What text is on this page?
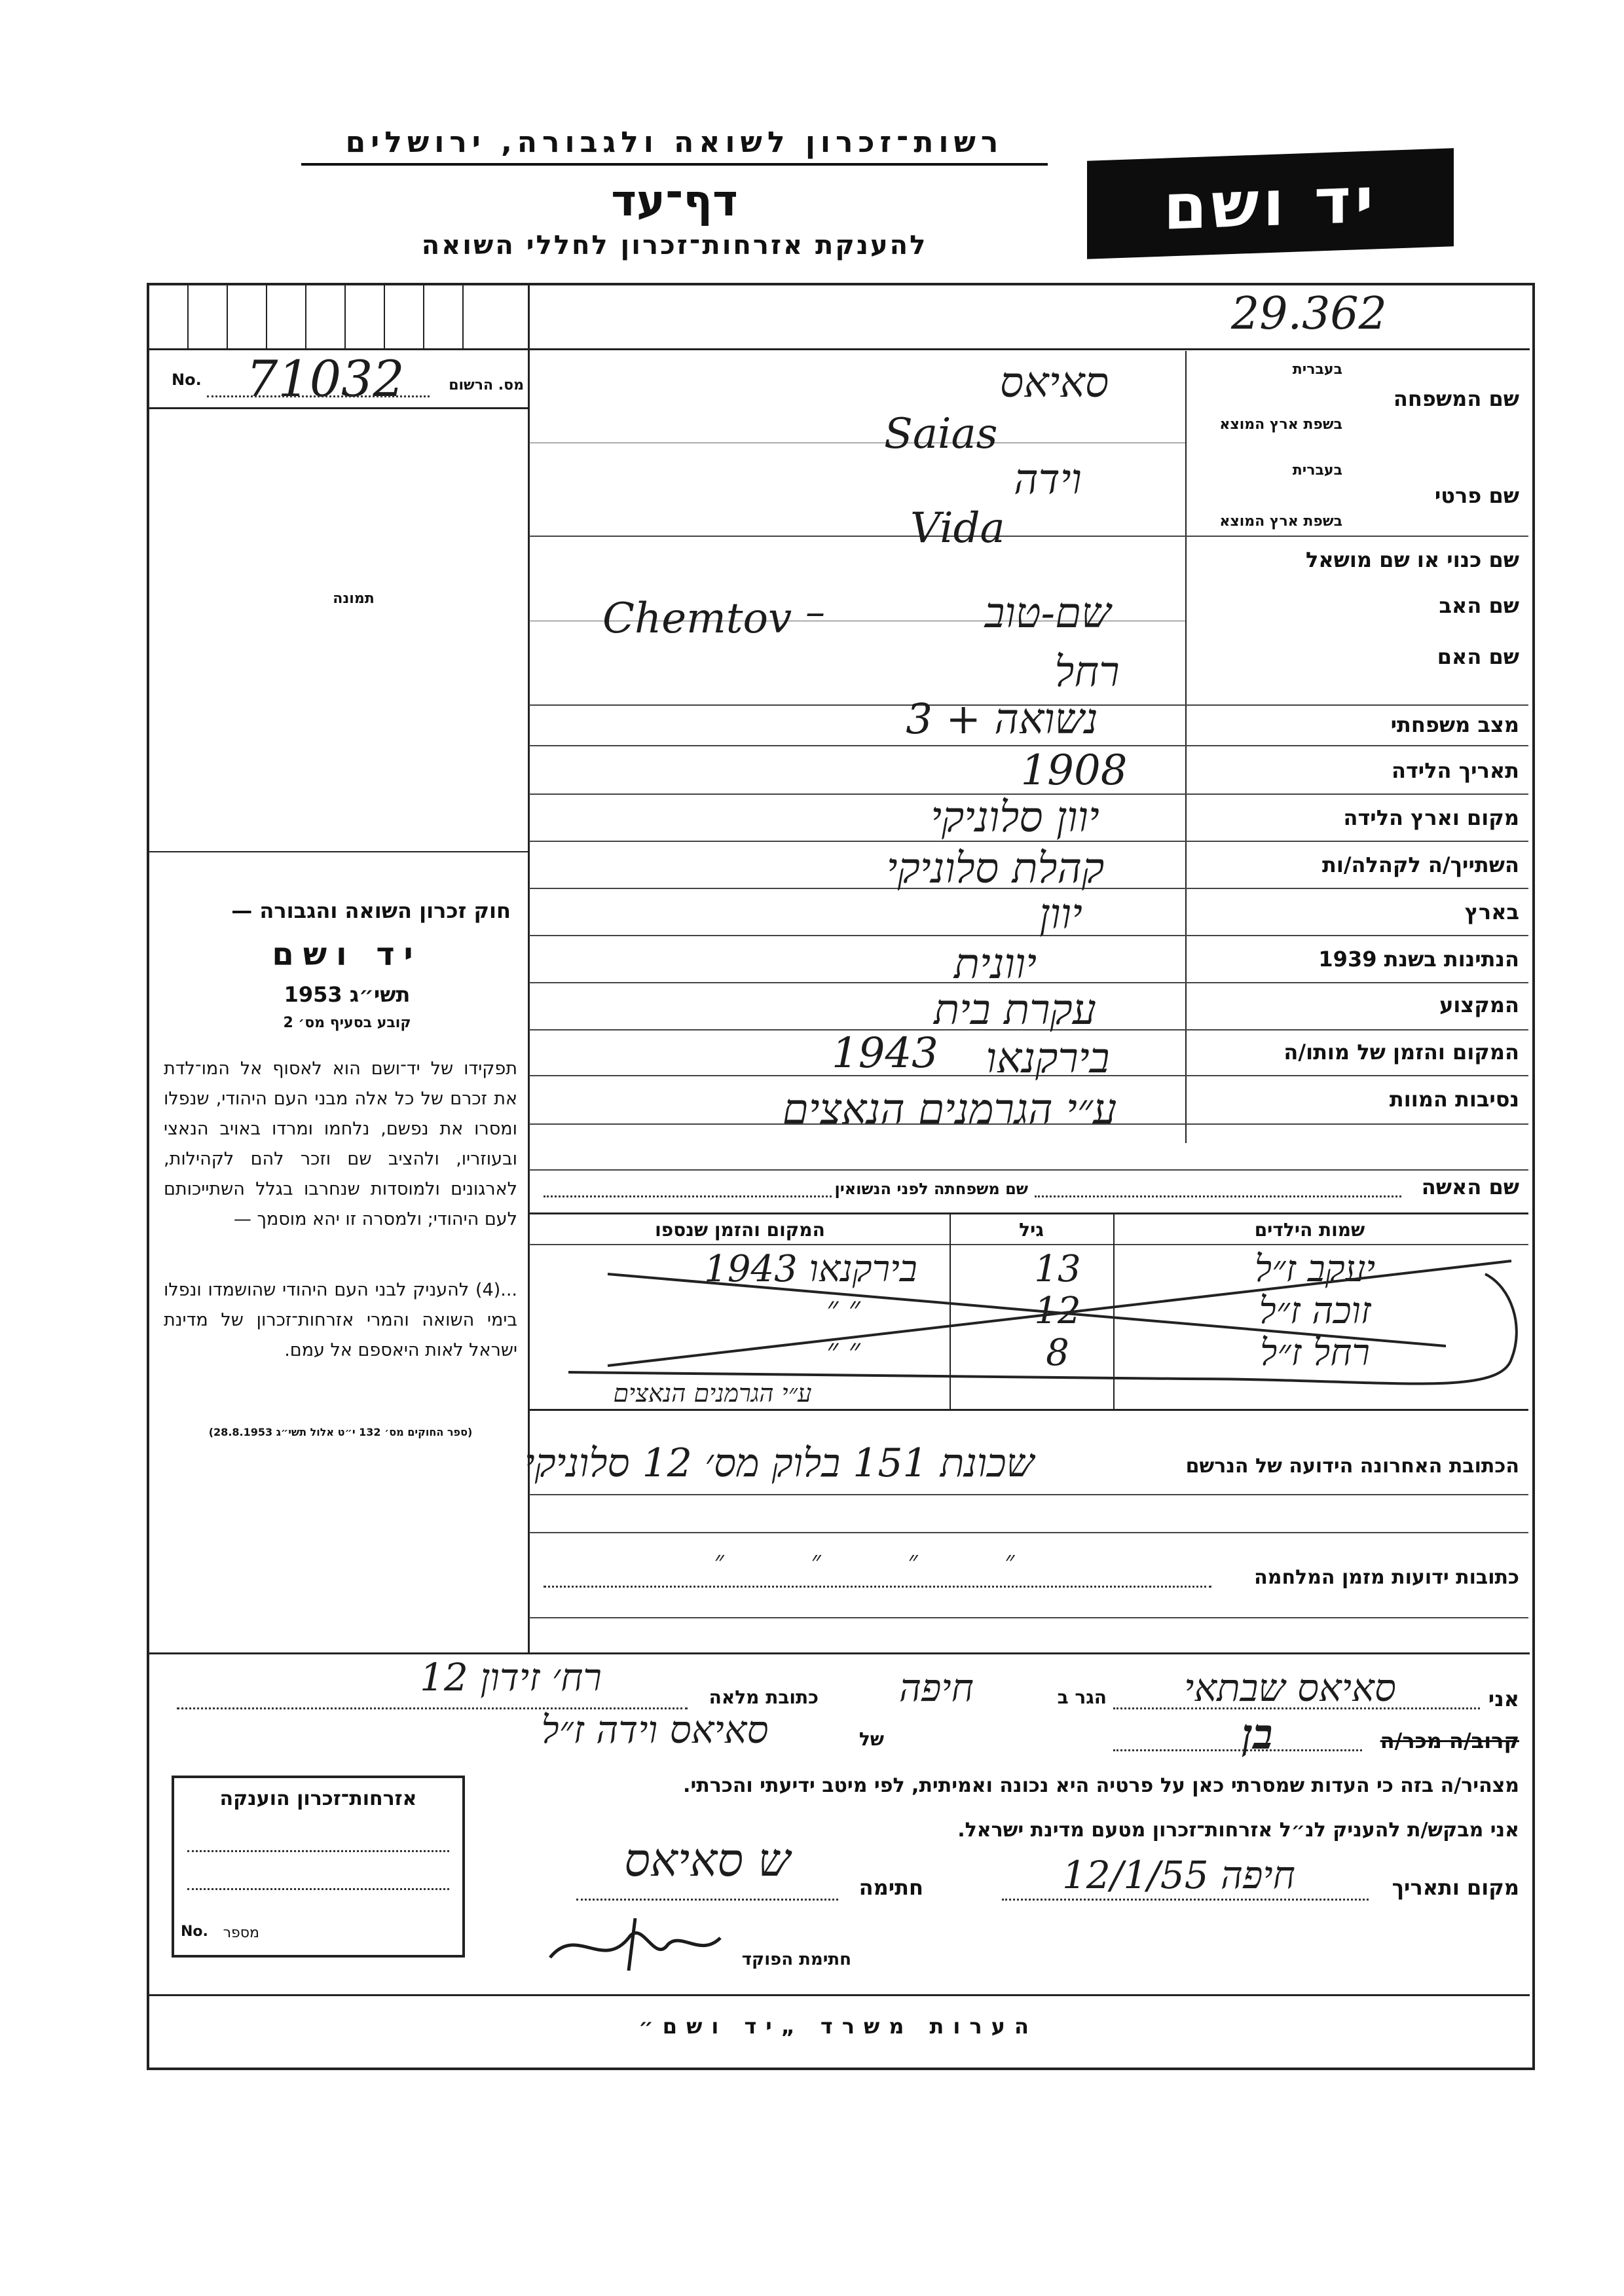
רשות־זכרון לשואה ולגבורה, ירושלים
דף־עד
להענקת אזרחות־זכרון לחללי השואה
יד ושם
29.362
No. 71032	מס. הרשום
תמונה
חוק זכרון השואה והגבורה —
יד ושם
תשי״ג 1953
קובע בסעיף מס׳ 2
תפקידו של יד־ושם הוא לאסוף אל המו־לדת את זכרם של כל אלה מבני העם היהודי, שנפלו ומסרו את נפשם, נלחמו ומרדו באויב הנאצי ובעוזריו, ולהציב שם וזכר להם לקהילות, לארגונים ולמוסדות שנחרבו בגלל השתייכותם לעם היהודי; ולמסרה זו יהא מוסמך —
...(4) להעניק לבני העם היהודי שהושמדו ונפלו בימי השואה והמרי אזרחות־זכרון של מדינת ישראל לאות היאספם אל עמם.
(ספר החוקים מס׳ 132 י״ט אלול תשי״ג 28.8.1953)
שם המשפחה
בעברית
בשפת ארץ המוצא
סאיאס
Saias
שם פרטי
בעברית
בשפת ארץ המוצא
וידה
Vida
שם כנוי או שם מושאל
שם האב
שם-טוב
–
Chemtov
שם האם
רחל
מצב משפחתי
נשואה + 3
תאריך הלידה
1908
מקום וארץ הלידה
יוון סלוניקי
השתייך/ה לקהלה/ות
קהלת סלוניקי
בארץ
יוון
הנתינות בשנת 1939
יוונית
המקצוע
עקרת בית
המקום והזמן של מותו/ה
בירקנאו
1943
נסיבות המוות
ע״י הגרמנים הנאצים
שם האשה
שם משפחתה לפני הנשואין
שמות הילדים
גיל
המקום והזמן שנספו
יעקב ז״ל
13
בירקנאו 1943
זוכה ז״ל
12
״ ״
רחל ז״ל
8
״ ״
ע״י הגרמנים הנאצים
הכתובת האחרונה הידועה של הנרשם
שכונת 151 בלוק מס׳ 12 סלוניקי
כתובות ידועות מזמן המלחמה
״ ״ ״ ״
אני
סאיאס שבתאי
הגר ב
חיפה
כתובת מלאה
רח׳ זידון 12
קרוב/ה מכר/ה
בן
של
סאיאס וידה ז״ל
מצהיר/ה בזה כי העדות שמסרתי כאן על פרטיה היא נכונה ואמיתית, לפי מיטב ידיעתי והכרתי.
אני מבקש/ת להעניק לנ״ל אזרחות־זכרון מטעם מדינת ישראל.
מקום ותאריך
חיפה 12/1/55
חתימה
ש סאיאס
חתימת הפוקד
אזרחות־זכרון הוענקה
No. מספר
הערות משרד „יד ושם״
